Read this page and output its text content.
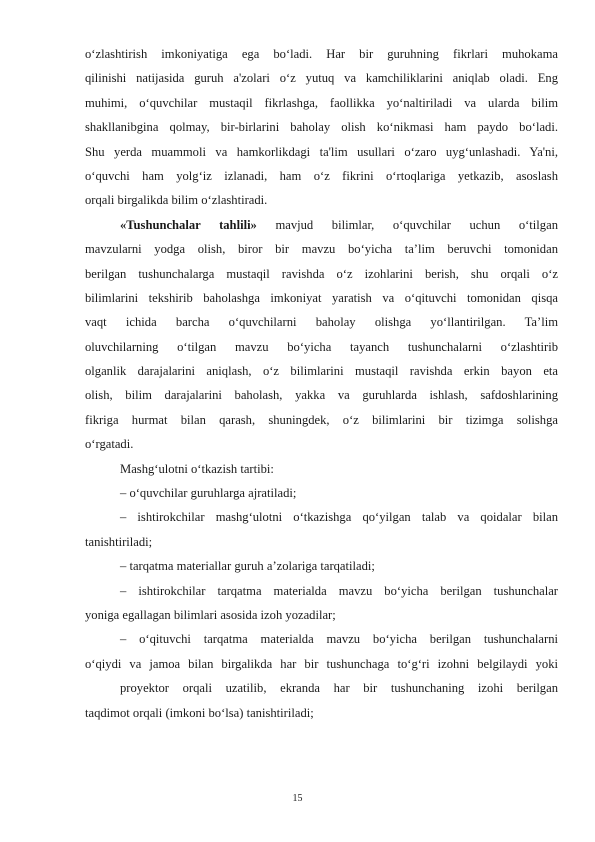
o‘zlashtirish imkoniyatiga ega bo‘ladi. Har bir guruhning fikrlari muhokama
qilinishi natijasida guruh a'zolari o‘z yutuq va kamchiliklarini aniqlab oladi. Eng
muhimi, o‘quvchilar mustaqil fikrlashga, faollikka yo‘naltiriladi va ularda bilim
shakllanibgina qolmay, bir-birlarini baholay olish ko‘nikmasi ham paydo bo‘ladi.
Shu yerda muammoli va hamkorlikdagi ta'lim usullari o‘zaro uyg‘unlashadi. Ya'ni,
o‘quvchi ham yolg‘iz izlanadi, ham o‘z fikrini o‘rtoqlariga yetkazib, asoslash
orqali birgalikda bilim o‘zlashtiradi.
«Tushunchalar tahlili» mavjud bilimlar, o‘quvchilar uchun o‘tilgan
mavzularni yodga olish, biror bir mavzu bo‘yicha ta’lim beruvchi tomonidan
berilgan tushunchalarga mustaqil ravishda o‘z izohlarini berish, shu orqali o‘z
bilimlarini tekshirib baholashga imkoniyat yaratish va o‘qituvchi tomonidan qisqa
vaqt ichida barcha o‘quvchilarni baholay olishga yo‘llantirilgan. Ta’lim
oluvchilarning o‘tilgan mavzu bo‘yicha tayanch tushunchalarni o‘zlashtirib
olganlik darajalarini aniqlash, o‘z bilimlarini mustaqil ravishda erkin bayon eta
olish, bilim darajalarini baholash, yakka va guruhlarda ishlash, safdoshlarining
fikriga hurmat bilan qarash, shuningdek, o‘z bilimlarini bir tizimga solishga
o‘rgatadi.
Mashg‘ulotni o‘tkazish tartibi:
– o‘quvchilar guruhlarga ajratiladi;
– ishtirokchilar mashg‘ulotni o‘tkazishga qo‘yilgan talab va qoidalar bilan
tanishtiriladi;
– tarqatma materiallar guruh a’zolariga tarqatiladi;
– ishtirokchilar tarqatma materialda mavzu bo‘yicha berilgan tushunchalar
yoniga egallagan bilimlari asosida izoh yozadilar;
– o‘qituvchi tarqatma materialda mavzu bo‘yicha berilgan tushunchalarni
o‘qiydi va jamoa bilan birgalikda har bir tushunchaga to‘g‘ri izohni belgilaydi yoki
proyektor orqali uzatilib, ekranda har bir tushunchaning izohi berilgan
taqdimot orqali (imkoni bo‘lsa) tanishtiriladi;
15
